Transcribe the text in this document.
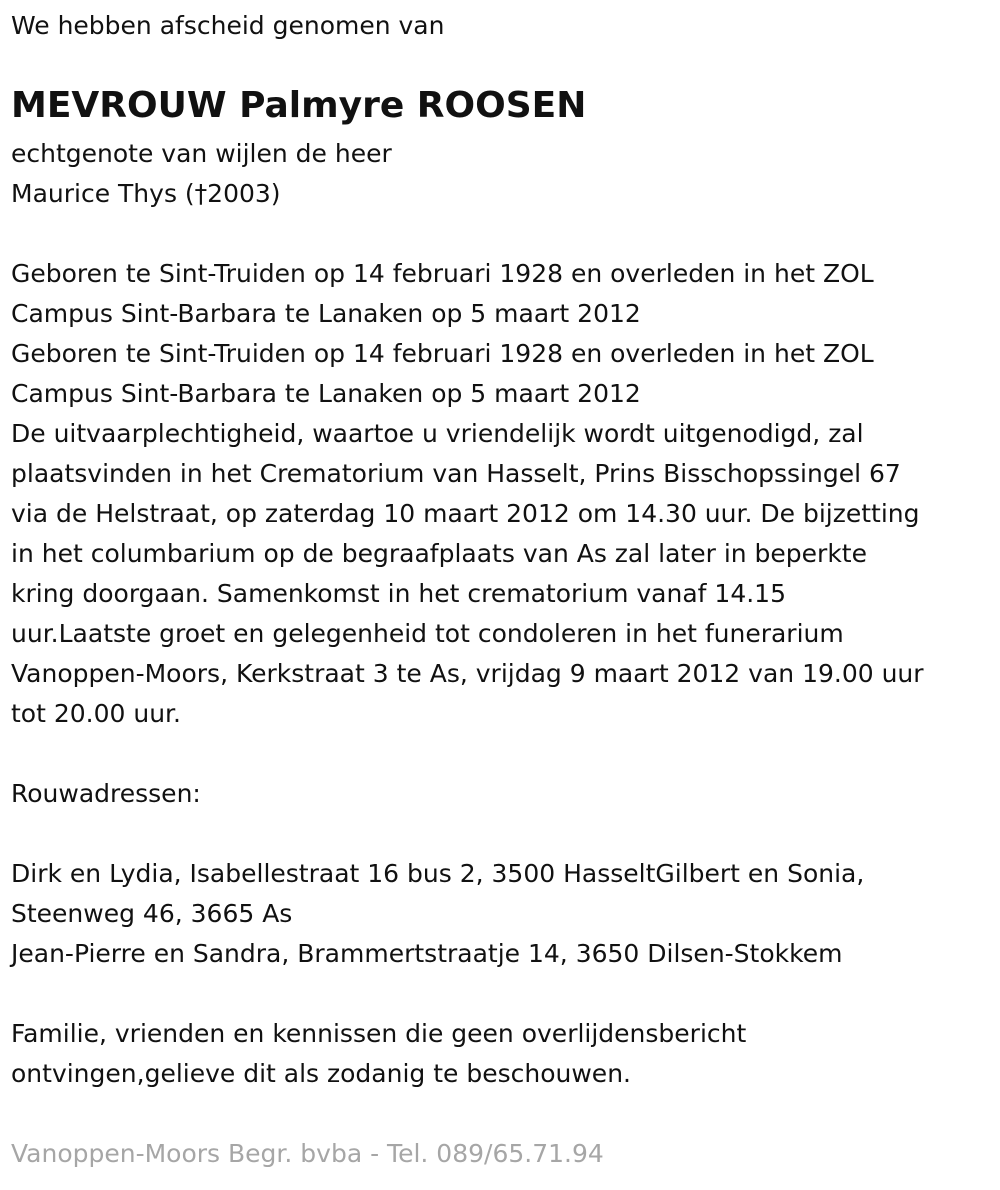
We hebben afscheid genomen van
MEVROUW Palmyre ROOSEN
echtgenote van wijlen de heer
Maurice Thys (†2003)
Geboren te Sint-Truiden op 14 februari 1928 en overleden in het ZOL
Campus Sint-Barbara te Lanaken op 5 maart 2012
Geboren te Sint-Truiden op 14 februari 1928 en overleden in het ZOL
Campus Sint-Barbara te Lanaken op 5 maart 2012
De uitvaarplechtigheid, waartoe u vriendelijk wordt uitgenodigd, zal
plaatsvinden in het Crematorium van Hasselt, Prins Bisschopssingel 67
via de Helstraat, op zaterdag 10 maart 2012 om 14.30 uur. De bijzetting
in het columbarium op de begraafplaats van As zal later in beperkte
kring doorgaan. Samenkomst in het crematorium vanaf 14.15
uur.Laatste groet en gelegenheid tot condoleren in het funerarium
Vanoppen-Moors, Kerkstraat 3 te As, vrijdag 9 maart 2012 van 19.00 uur
tot 20.00 uur.
Rouwadressen:
Dirk en Lydia, Isabellestraat 16 bus 2, 3500 HasseltGilbert en Sonia,
Steenweg 46, 3665 As
Jean-Pierre en Sandra, Brammertstraatje 14, 3650 Dilsen-Stokkem
Familie, vrienden en kennissen die geen overlijdensbericht
ontvingen,gelieve dit als zodanig te beschouwen.
Vanoppen-Moors Begr. bvba - Tel. 089/65.71.94
